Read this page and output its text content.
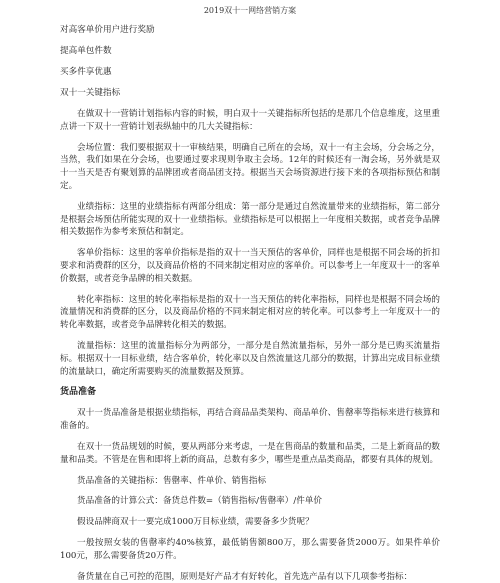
2019双十一网络营销方案
对高客单价用户进行奖励
提高单包件数
买多件享优惠
双十一关键指标

在做双十一营销计划指标内容的时候，明白双十一关键指标所包括的是那几个信息维度，这里重点讲一下双十一营销计划表纵轴中的几大关键指标：

会场位置：我们要根据双十一审核结果，明确自己所在的会场，双十一有主会场，分会场之分，当然，我们如果在分会场，也要通过要求现则争取主会场。12年的时候还有一淘会场，另外就是双十一当天是否有聚划算的品牌团或者商品团支持。根据当天会场资源进行接下来的各项指标预估和制定。

业绩指标：这里的业绩指标有两部分组成：第一部分是通过自然流量带来的业绩指标，第二部分是根据会场预估所能实现的双十一业绩指标。业绩指标是可以根据上一年度相关数据，或者竞争品牌相关数据作为参考来预估和制定。

客单价指标：这里的客单价指标是指的双十一当天预估的客单价，同样也是根据不同会场的折扣要求和消费群的区分，以及商品价格的不同来制定相对应的客单价。可以参考上一年度双十一的客单价数据，或者竞争品牌的相关数据。

转化率指标：这里的转化率指标是指的双十一当天预估的转化率指标，同样也是根据不同会场的流量情况和消费群的区分，以及商品价格的不同来制定相对应的转化率。可以参考上一年度双十一的转化率数据，或者竞争品牌转化相关的数据。

流量指标：这里的流量指标分为两部分，一部分是自然流量指标，另外一部分是已购买流量指标。根据双十一目标业绩，结合客单价，转化率以及自然流量这几部分的数据，计算出完成目标业绩的流量缺口，确定所需要购买的流量数据及预算。

货品准备

双十一货品准备是根据业绩指标，再结合商品品类架构、商品单价、售罄率等指标来进行核算和准备的。

在双十一货品规划的时候，要从两部分来考虑，一是在售商品的数量和品类，二是上新商品的数量和品类。不管是在售和即将上新的商品，总数有多少，哪些是重点品类商品，都要有具体的规划。

货品准备的关键指标：售罄率、件单价、销售指标

货品准备的计算公式：备货总件数=（销售指标/售罄率）/件单价

假设品牌商双十一要完成1000万目标业绩，需要备多少货呢？

一般按照女装的售罄率约40%核算，最低销售额800万，那么需要备货2000万。如果件单价100元，那么需要备货20万件。

备货量在自己可控的范围，原则是好产品才有好转化，首先选产品有以下几项参考指标：
